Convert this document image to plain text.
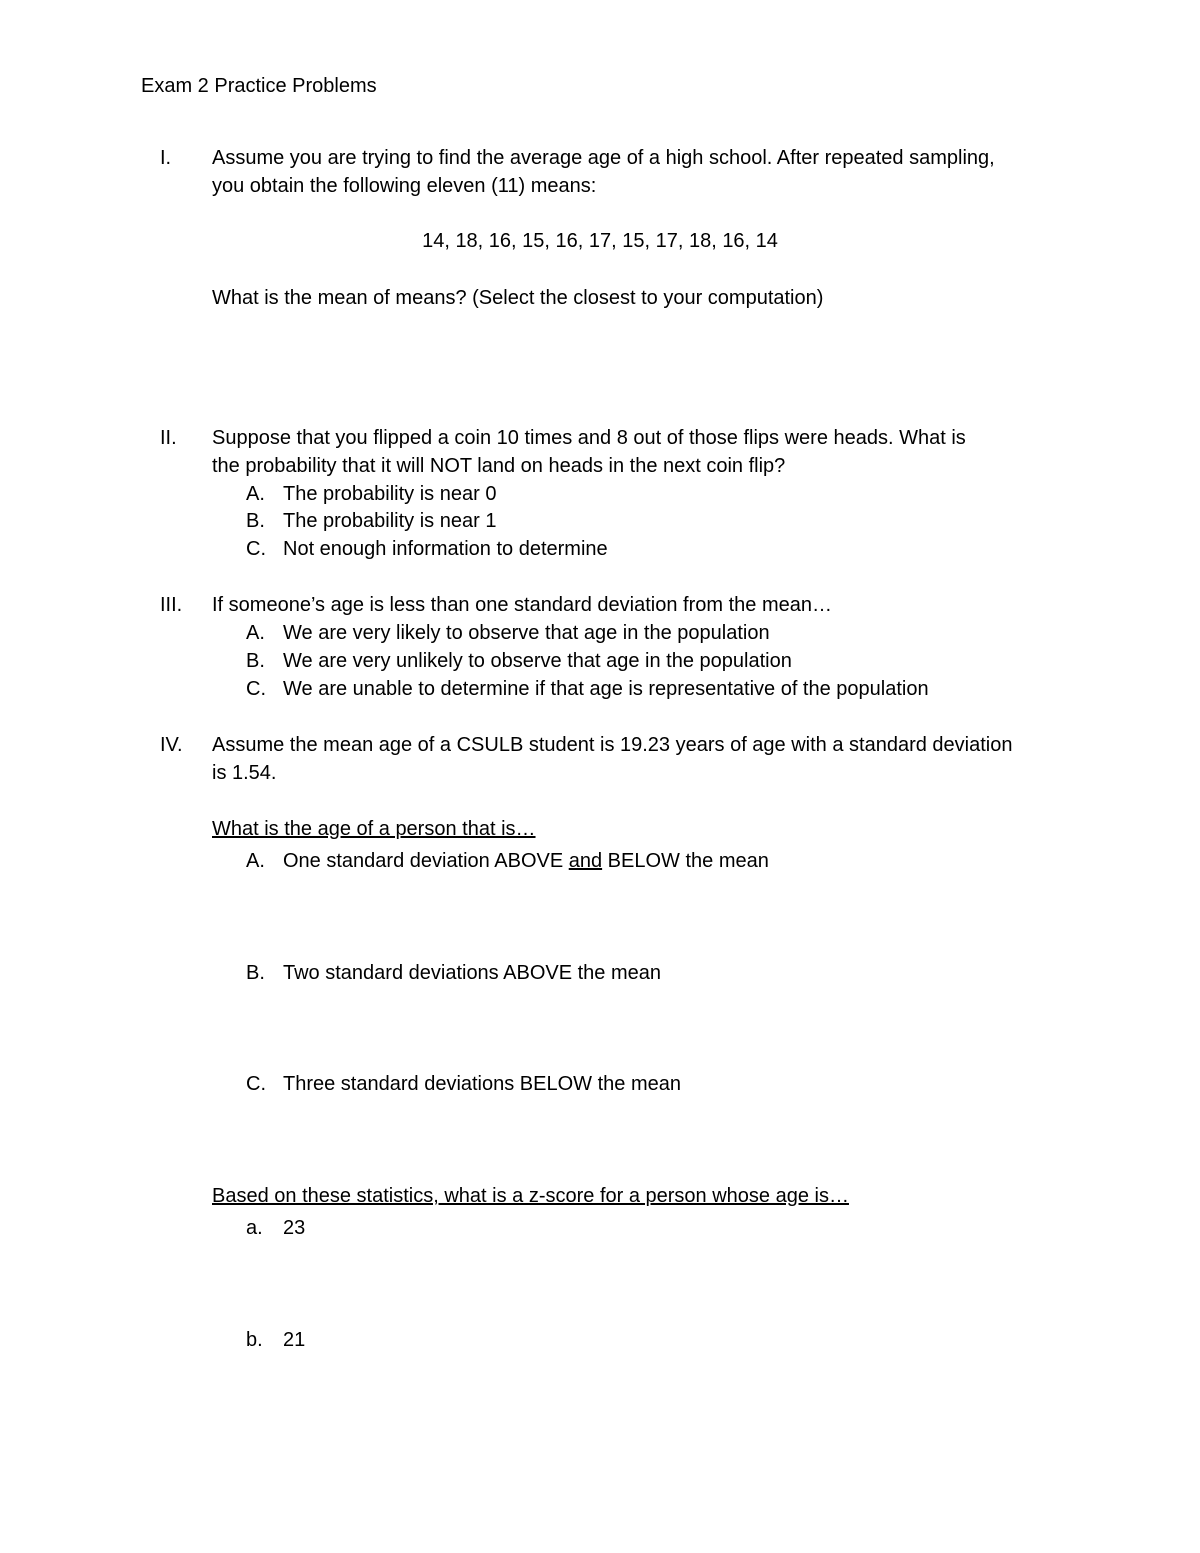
Exam 2 Practice Problems
I. Assume you are trying to find the average age of a high school. After repeated sampling,
you obtain the following eleven (11) means:
14, 18, 16, 15, 16, 17, 15, 17, 18, 16, 14
What is the mean of means? (Select the closest to your computation)
II. Suppose that you flipped a coin 10 times and 8 out of those flips were heads. What is
the probability that it will NOT land on heads in the next coin flip?
A. The probability is near 0
B. The probability is near 1
C. Not enough information to determine
III. If someone’s age is less than one standard deviation from the mean…
A. We are very likely to observe that age in the population
B. We are very unlikely to observe that age in the population
C. We are unable to determine if that age is representative of the population
IV. Assume the mean age of a CSULB student is 19.23 years of age with a standard deviation
is 1.54.
What is the age of a person that is…
A. One standard deviation ABOVE and BELOW the mean
B. Two standard deviations ABOVE the mean
C. Three standard deviations BELOW the mean
Based on these statistics, what is a z-score for a person whose age is…
a. 23
b. 21
